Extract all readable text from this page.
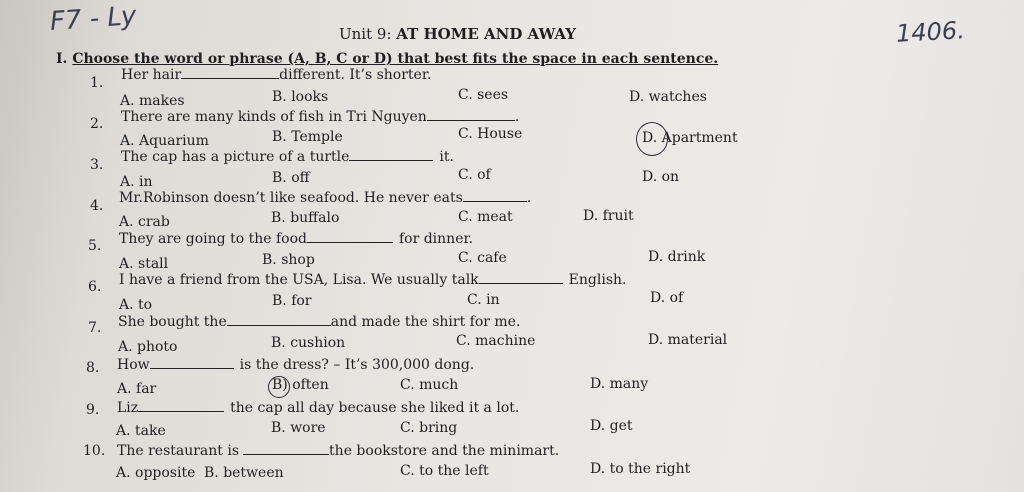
F7 - Ly	1406.
Unit 9: AT HOME AND AWAY
I. Choose the word or phrase (A, B, C or D) that best fits the space in each sentence.
1. Her hair	different. It’s shorter.
A. makes	B. looks	C. sees	D. watches
2. There are many kinds of fish in Tri Nguyen	.
A. Aquarium	B. Temple	C. House	D. Apartment
3. The cap has a picture of a turtle	it.
A. in	B. off	C. of	D. on
4. Mr.Robinson doesn’t like seafood. He never eats	.
A. crab	B. buffalo	C. meat	D. fruit
5. They are going to the food	for dinner.
A. stall	B. shop	C. cafe	D. drink
6. I have a friend from the USA, Lisa. We usually talk	English.
A. to	B. for	C. in	D. of
7. She bought the	and made the shirt for me.
A. photo	B. cushion	C. machine	D. material
8. How	is the dress? – It’s 300,000 dong.
A. far	B) often	C. much	D. many
9. Liz	the cap all day because she liked it a lot.
A. take	B. wore	C. bring	D. get
10. The restaurant is	the bookstore and the minimart.
A. opposite B. between	C. to the left	D. to the right
